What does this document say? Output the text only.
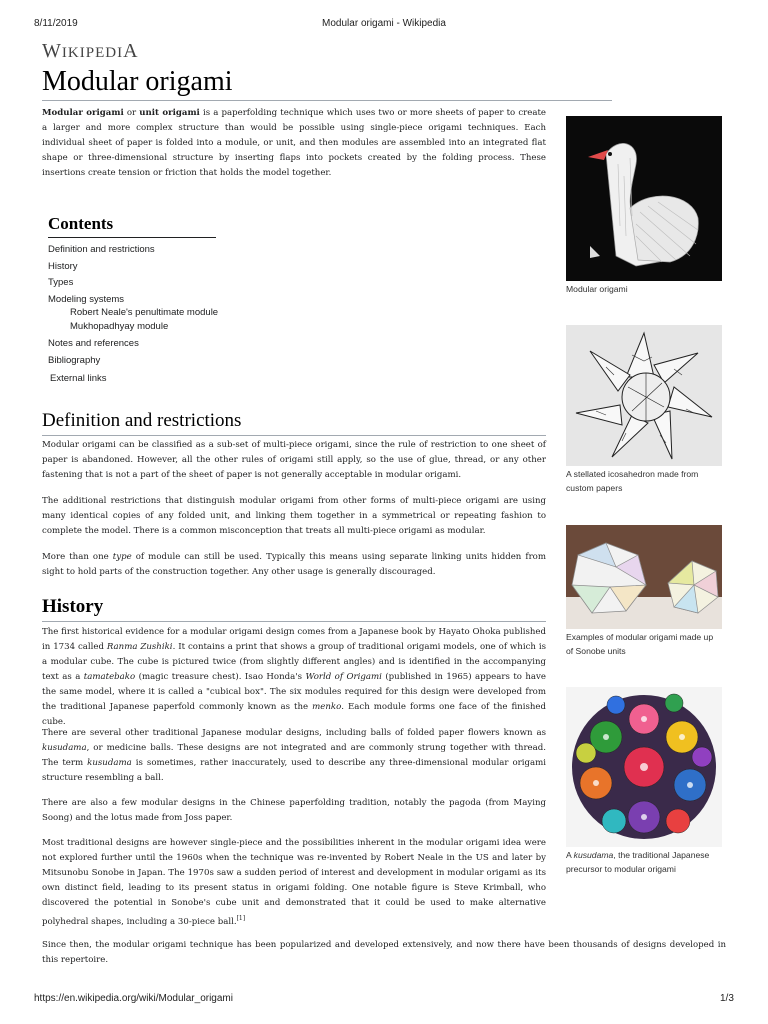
8/11/2019	Modular origami - Wikipedia
WIKIPEDIA
Modular origami

Modular origami or unit origami is a paperfolding technique which uses two or more sheets of paper to create a larger and more complex structure than would be possible using single-piece origami techniques. Each individual sheet of paper is folded into a module, or unit, and then modules are assembled into an integrated flat shape or three-dimensional structure by inserting flaps into pockets created by the folding process. These insertions create tension or friction that holds the model together.

Contents
Definition and restrictions
History
Types
Modeling systems
Robert Neale's penultimate module
Mukhopadhyay module
Notes and references
Bibliography
External links
Definition and restrictions

Modular origami can be classified as a sub-set of multi-piece origami, since the rule of restriction to one sheet of paper is abandoned. However, all the other rules of origami still apply, so the use of glue, thread, or any other fastening that is not a part of the sheet of paper is not generally acceptable in modular origami.

The additional restrictions that distinguish modular origami from other forms of multi-piece origami are using many identical copies of any folded unit, and linking them together in a symmetrical or repeating fashion to complete the model. There is a common misconception that treats all multi-piece origami as modular.

More than one type of module can still be used. Typically this means using separate linking units hidden from sight to hold parts of the construction together. Any other usage is generally discouraged.

History

The first historical evidence for a modular origami design comes from a Japanese book by Hayato Ohoka published in 1734 called Ranma Zushiki. It contains a print that shows a group of traditional origami models, one of which is a modular cube. The cube is pictured twice (from slightly different angles) and is identified in the accompanying text as a tamatebako (magic treasure chest). Isao Honda's World of Origami (published in 1965) appears to have the same model, where it is called a "cubical box". The six modules required for this design were developed from the traditional Japanese paperfold commonly known as the menko. Each module forms one face of the finished cube.

There are several other traditional Japanese modular designs, including balls of folded paper flowers known as kusudama, or medicine balls. These designs are not integrated and are commonly strung together with thread. The term kusudama is sometimes, rather inaccurately, used to describe any three-dimensional modular origami structure resembling a ball.

There are also a few modular designs in the Chinese paperfolding tradition, notably the pagoda (from Maying Soong) and the lotus made from Joss paper.

Most traditional designs are however single-piece and the possibilities inherent in the modular origami idea were not explored further until the 1960s when the technique was re-invented by Robert Neale in the US and later by Mitsunobu Sonobe in Japan. The 1970s saw a sudden period of interest and development in modular origami as its own distinct field, leading to its present status in origami folding. One notable figure is Steve Krimball, who discovered the potential in Sonobe's cube unit and demonstrated that it could be used to make alternative polyhedral shapes, including a 30-piece ball.[1]

Since then, the modular origami technique has been popularized and developed extensively, and now there have been thousands of designs developed in this repertoire.

Modular origami
A stellated icosahedron made from custom papers
Examples of modular origami made up of Sonobe units
A kusudama, the traditional Japanese precursor to modular origami
https://en.wikipedia.org/wiki/Modular_origami	1/3
